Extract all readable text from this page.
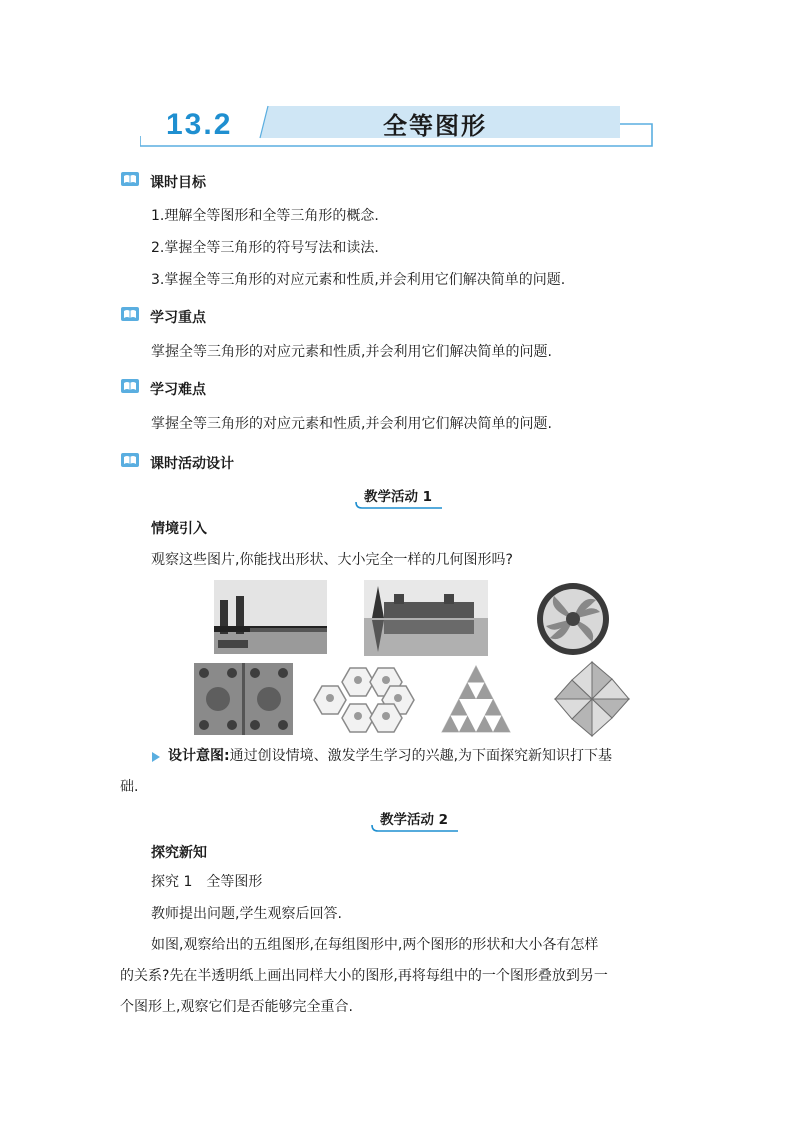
13.2	全等图形
课时目标
1.理解全等图形和全等三角形的概念.
2.掌握全等三角形的符号写法和读法.
3.掌握全等三角形的对应元素和性质,并会利用它们解决简单的问题.
学习重点
掌握全等三角形的对应元素和性质,并会利用它们解决简单的问题.
学习难点
掌握全等三角形的对应元素和性质,并会利用它们解决简单的问题.
课时活动设计
教学活动 1
情境引入
观察这些图片,你能找出形状、大小完全一样的几何图形吗?
设计意图:通过创设情境、激发学生学习的兴趣,为下面探究新知识打下基
础.
教学活动 2
探究新知
探究 1　全等图形
教师提出问题,学生观察后回答.
如图,观察给出的五组图形,在每组图形中,两个图形的形状和大小各有怎样
的关系?先在半透明纸上画出同样大小的图形,再将每组中的一个图形叠放到另一
个图形上,观察它们是否能够完全重合.
